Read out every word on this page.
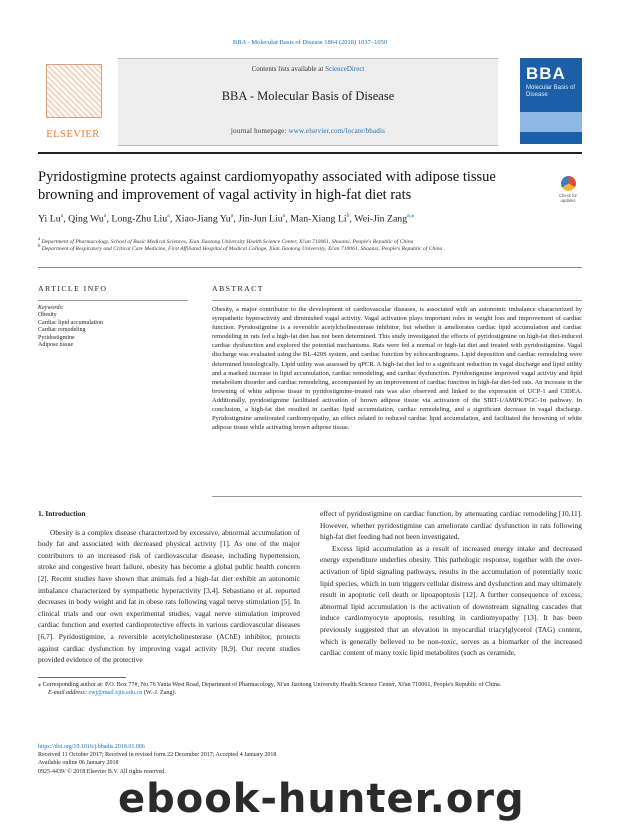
BBA - Molecular Basis of Disease 1864 (2018) 1037–1050
ELSEVIER
Contents lists available at ScienceDirect
BBA - Molecular Basis of Disease
journal homepage: www.elsevier.com/locate/bbadis
BBA
Molecular Basis of Disease
Pyridostigmine protects against cardiomyopathy associated with adipose tissue browning and improvement of vagal activity in high-fat diet rats	Check for updates
Yi Lu$^a$, Qing Wu$^a$, Long-Zhu Liu$^a$, Xiao-Jiang Yu$^a$, Jin-Jun Liu$^a$, Man-Xiang Li$^b$, Wei-Jin Zang$^{a,⁎}$
$^a$ Department of Pharmacology, School of Basic Medical Sciences, Xian Jiaotong University Health Science Center, Xi'an 710061, Shaanxi, People's Republic of China
$^b$ Department of Respiratory and Critical Care Medicine, First Affiliated Hospital of Medical Collage, Xian Jiaotong University, Xi'an 710061, Shaanxi, People's Republic of China
ARTICLE INFO	ABSTRACT
Keywords:
Obesity
Cardiac lipid accumulation
Cardiac remodeling
Pyridostigmine
Adipose tissue
Obesity, a major contributor to the development of cardiovascular diseases, is associated with an autonomic imbalance characterized by sympathetic hyperactivity and diminished vagal activity. Vagal activation plays important roles in weight loss and improvement of cardiac function. Pyridostigmine is a reversible acetylcholinesterase inhibitor, but whether it ameliorates cardiac lipid accumulation and cardiac remodeling in rats fed a high-fat diet has not been determined. This study investigated the effects of pyridostigmine on high-fat diet-induced cardiac dysfunction and explored the potential mechanisms. Rats were fed a normal or high-fat diet and treated with pyridostigmine. Vagal discharge was evaluated using the BL-420S system, and cardiac function by echocardiograms. Lipid deposition and cardiac remodeling were determined histologically. Lipid utility was assessed by qPCR. A high-fat diet led to a significant reduction in vagal discharge and lipid utility and a marked increase in lipid accumulation, cardiac remodeling, and cardiac dysfunction. Pyridostigmine improved vagal activity and lipid metabolism disorder and cardiac remodeling, accompanied by an improvement of cardiac function in high-fat diet-fed rats. An increase in the browning of white adipose tissue in pyridostigmine-treated rats was also observed and linked to the expression of UCP-1 and CIDEA. Additionally, pyridostigmine facilitated activation of brown adipose tissue via activation of the SIRT-1/AMPK/PGC-1α pathway. In conclusion, a high-fat diet resulted in cardiac lipid accumulation, cardiac remodeling, and a significant decrease in vagal discharge. Pyridostigmine ameliorated cardiomyopathy, an effect related to reduced cardiac lipid accumulation, and facilitated the browning of white adipose tissue while activating brown adipose tissue.
1. Introduction

Obesity is a complex disease characterized by excessive, abnormal accumulation of body fat and associated with decreased physical activity [1]. As one of the major contributors to an increased risk of cardiovascular disease, including hypertension, stroke and congestive heart failure, obesity has become a global public health concern [2]. Recent studies have shown that animals fed a high-fat diet exhibit an autonomic imbalance characterized by sympathetic hyperactivity [3,4]. Sebastiano et al. reported decreases in body weight and fat in obese rats following vagal nerve stimulation [5]. In clinical trials and our own experimental studies, vagal nerve stimulation improved cardiac function and exerted cardioprotective effects in various cardiovascular diseases [6,7]. Pyridostigmine, a reversible acetylcholinesterase (AChE) inhibitor, protects against cardiac dysfunction by improving vagal activity [8,9]. Our recent studies provided evidence of the protective

effect of pyridostigmine on cardiac function, by attenuating cardiac remodeling [10,11]. However, whether pyridostigmine can ameliorate cardiac dysfunction in rats following high-fat diet feeding had not been investigated.

Excess lipid accumulation as a result of increased energy intake and decreased energy expenditure underlies obesity. This pathologic response, together with the over-activation of lipid signaling pathways, results in the accumulation of potentially toxic lipid species, which in turn triggers cellular distress and dysfunction and may ultimately result in apoptotic cell death or lipoapoptosis [12]. A further consequence of excess, abnormal lipid accumulation is the activation of downstream signaling cascades that induce cardiomyocyte apoptosis, resulting in cardiomyopathy [13]. It has been previously suggested that an elevation in myocardial triacylglycerol (TAG) content, which is generally believed to be non-toxic, serves as a biomarker of the increased cardiac content of many toxic lipid metabolites (such as ceramide,

⁎ Corresponding author at: P.O. Box 77#, No.76 Yanta West Road, Department of Pharmacology, Xi'an Jiaotong University Health Science Center, Xi'an 710061, People's Republic of China.
E-mail address: zwj@mail.xjtu.edu.cn (W.-J. Zang).
https://doi.org/10.1016/j.bbadis.2018.01.006
Received 11 October 2017; Received in revised form 22 December 2017; Accepted 4 January 2018
Available online 06 January 2018
0925-4439/ © 2018 Elsevier B.V. All rights reserved.
ebook-hunter.org
